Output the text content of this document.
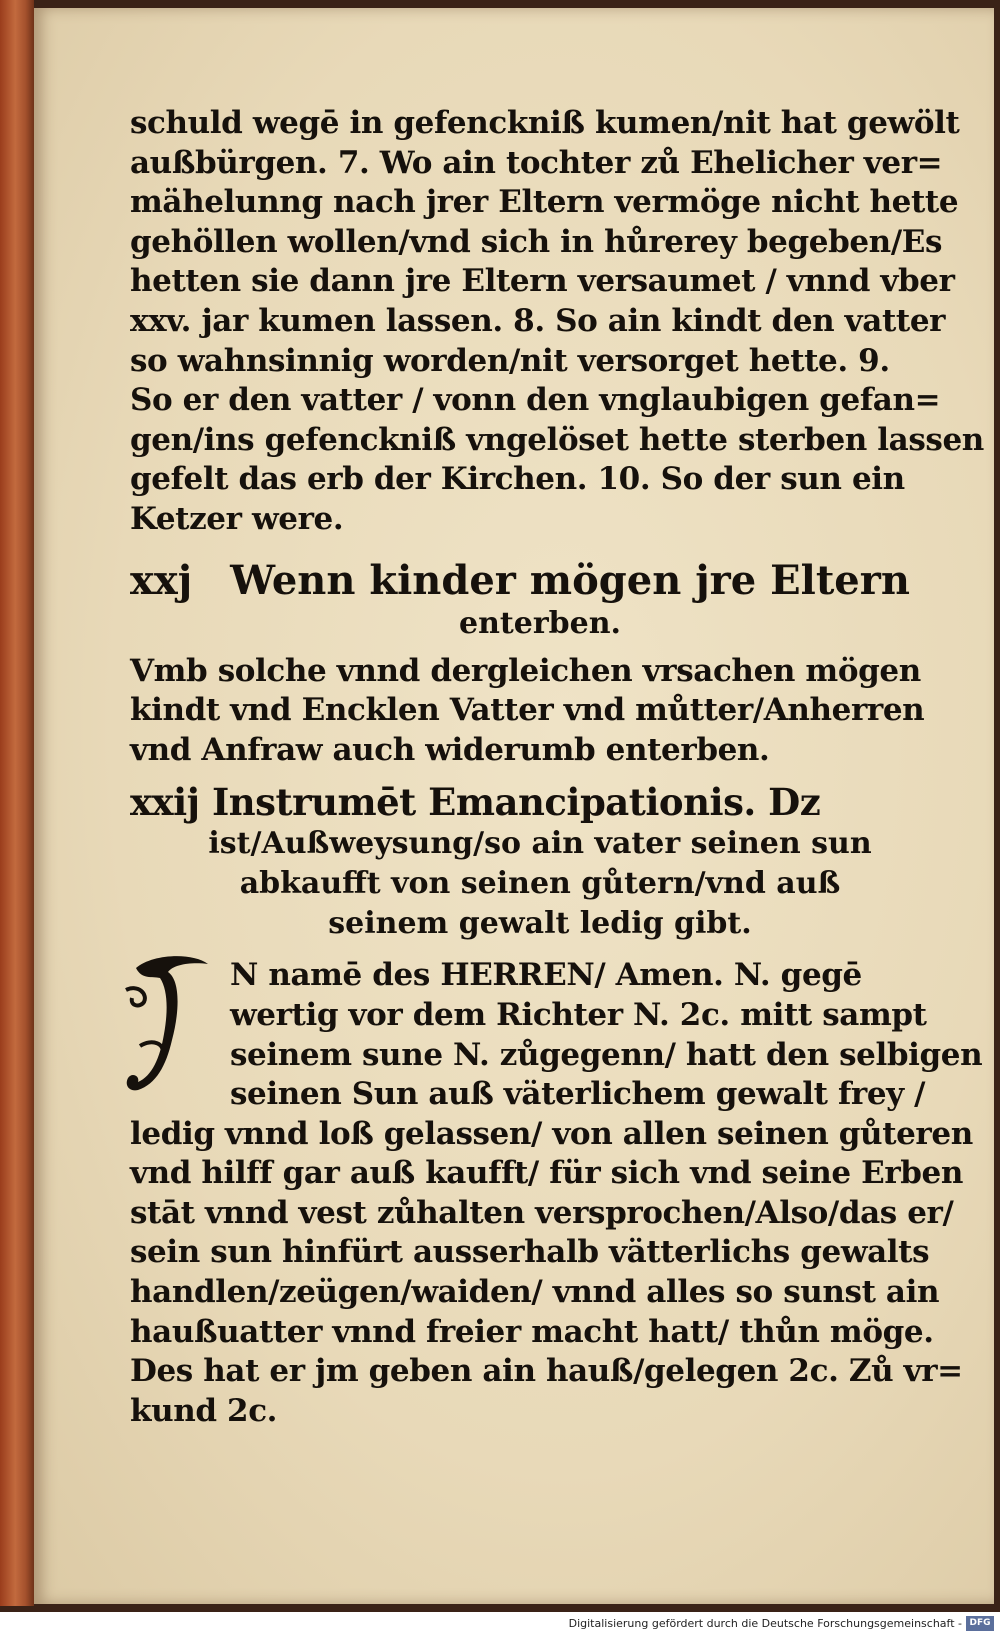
schuld wegē in gefenckniß kumen/nit hat gewölt
außbürgen. 7. Wo ain tochter zů Ehelicher ver=
mähelunng nach jrer Eltern vermöge nicht hette
gehöllen wollen/vnd sich in hůrerey begeben/Es
hetten sie dann jre Eltern versaumet / vnnd vber
xxv. jar kumen lassen. 8. So ain kindt den vatter
so wahnsinnig worden/nit versorget hette. 9.
So er den vatter / vonn den vnglaubigen gefan=
gen/ins gefenckniß vngelöset hette sterben lassen
gefelt das erb der Kirchen. 10. So der sun ein
Ketzer were.
xxj Wenn kinder mögen jre Eltern
enterben.
Vmb solche vnnd dergleichen vrsachen mögen
kindt vnd Encklen Vatter vnd můtter/Anherren
vnd Anfraw auch widerumb enterben.
xxij Instrumēt Emancipationis. Dz
ist/Außweysung/so ain vater seinen sun
abkaufft von seinen gůtern/vnd auß
seinem gewalt ledig gibt.
N namē des HERREN/ Amen. N. gegē
wertig vor dem Richter N. 2c. mitt sampt
seinem sune N. zůgegenn/ hatt den selbigen
seinen Sun auß väterlichem gewalt frey /
ledig vnnd loß gelassen/ von allen seinen gůteren
vnd hilff gar auß kaufft/ für sich vnd seine Erben
stāt vnnd vest zůhalten versprochen/Also/das er/
sein sun hinfürt ausserhalb vätterlichs gewalts
handlen/zeügen/waiden/ vnnd alles so sunst ain
haußuatter vnnd freier macht hatt/ thůn möge.
Des hat er jm geben ain hauß/gelegen 2c. Zů vr=
kund 2c.
Digitalisierung gefördert durch die Deutsche Forschungsgemeinschaft - DFG
